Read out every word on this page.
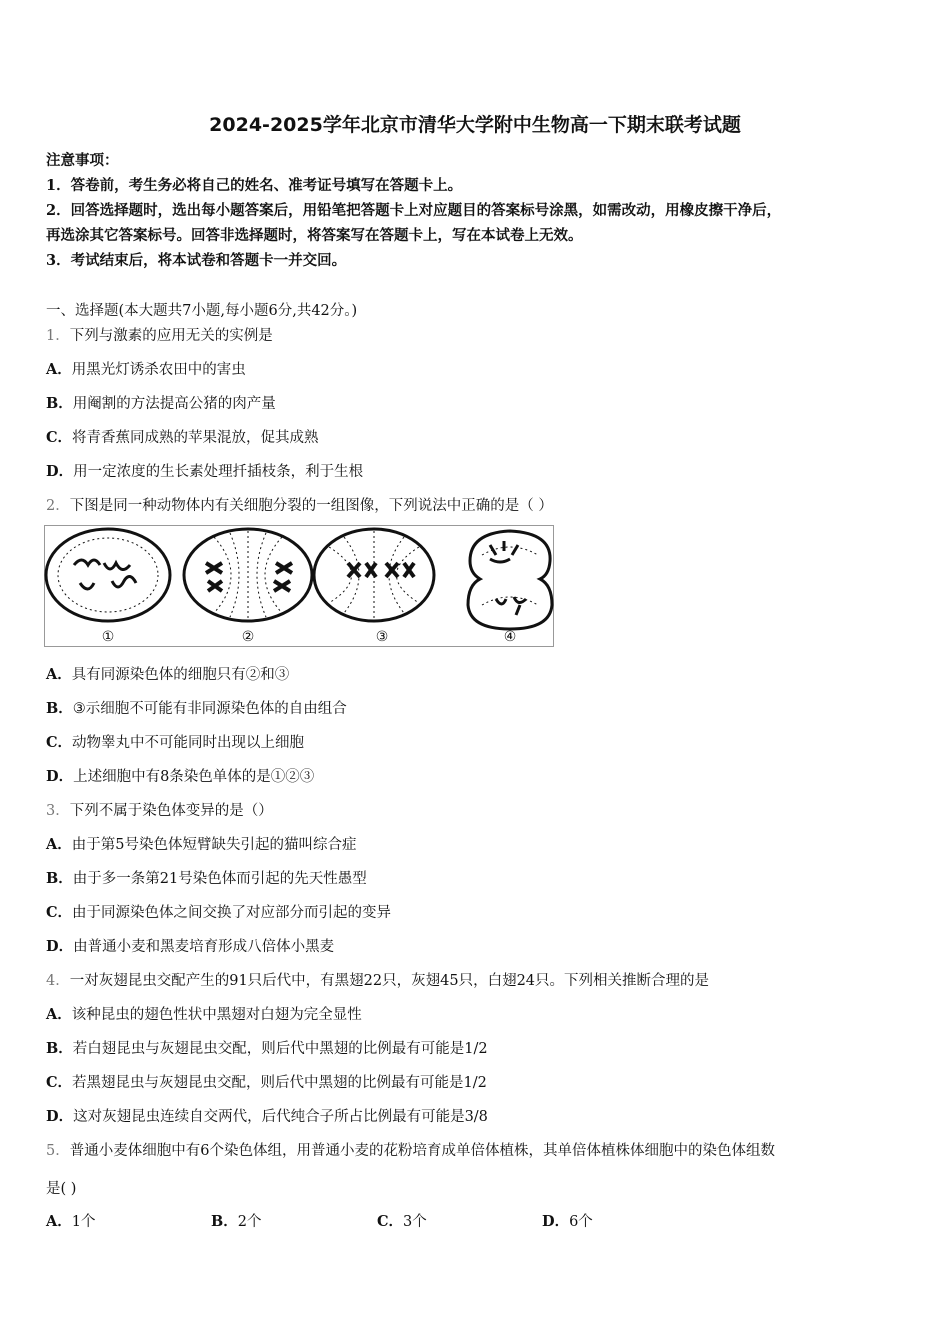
2024-2025学年北京市清华大学附中生物高一下期末联考试题
注意事项：
1．答卷前，考生务必将自己的姓名、准考证号填写在答题卡上。
2．回答选择题时，选出每小题答案后，用铅笔把答题卡上对应题目的答案标号涂黑，如需改动，用橡皮擦干净后，
再选涂其它答案标号。回答非选择题时，将答案写在答题卡上，写在本试卷上无效。
3．考试结束后，将本试卷和答题卡一并交回。
一、选择题(本大题共7小题,每小题6分,共42分。)
1．下列与激素的应用无关的实例是
A．用黑光灯诱杀农田中的害虫
B．用阉割的方法提高公猪的肉产量
C．将青香蕉同成熟的苹果混放，促其成熟
D．用一定浓度的生长素处理扦插枝条，利于生根
2．下图是同一种动物体内有关细胞分裂的一组图像，下列说法中正确的是（ ）
①	②	③	④
A．具有同源染色体的细胞只有②和③
B．③示细胞不可能有非同源染色体的自由组合
C．动物睾丸中不可能同时出现以上细胞
D．上述细胞中有8条染色单体的是①②③
3．下列不属于染色体变异的是（）
A．由于第5号染色体短臂缺失引起的猫叫综合症
B．由于多一条第21号染色体而引起的先天性愚型
C．由于同源染色体之间交换了对应部分而引起的变异
D．由普通小麦和黑麦培育形成八倍体小黑麦
4．一对灰翅昆虫交配产生的91只后代中，有黑翅22只，灰翅45只，白翅24只。下列相关推断合理的是
A．该种昆虫的翅色性状中黑翅对白翅为完全显性
B．若白翅昆虫与灰翅昆虫交配，则后代中黑翅的比例最有可能是1/2
C．若黑翅昆虫与灰翅昆虫交配，则后代中黑翅的比例最有可能是1/2
D．这对灰翅昆虫连续自交两代，后代纯合子所占比例最有可能是3/8
5．普通小麦体细胞中有6个染色体组，用普通小麦的花粉培育成单倍体植株，其单倍体植株体细胞中的染色体组数
是( )
A．1个	B．2个	C．3个	D．6个
